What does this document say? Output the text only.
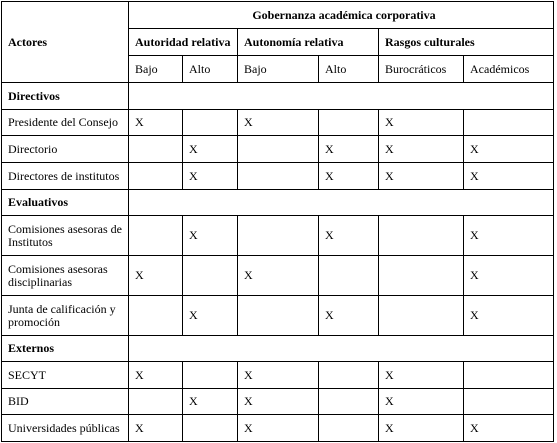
Actores	Gobernanza académica corporativa					
	Autoridad relativa		Autonomía relativa		Rasgos culturales	
	Bajo	Alto	Bajo	Alto	Burocráticos	Académicos
Directivos						
Presidente del Consejo	X		X		X	
Directorio		X		X	X	X
Directores de institutos		X		X	X	X
Evaluativos						
Comisiones asesoras de Institutos		X		X		X
Comisiones asesoras disciplinarias	X		X			X
Junta de calificación y promoción		X		X		X
Externos						
SECYT	X		X		X	
BID		X	X		X	
Universidades públicas	X		X		X	X
